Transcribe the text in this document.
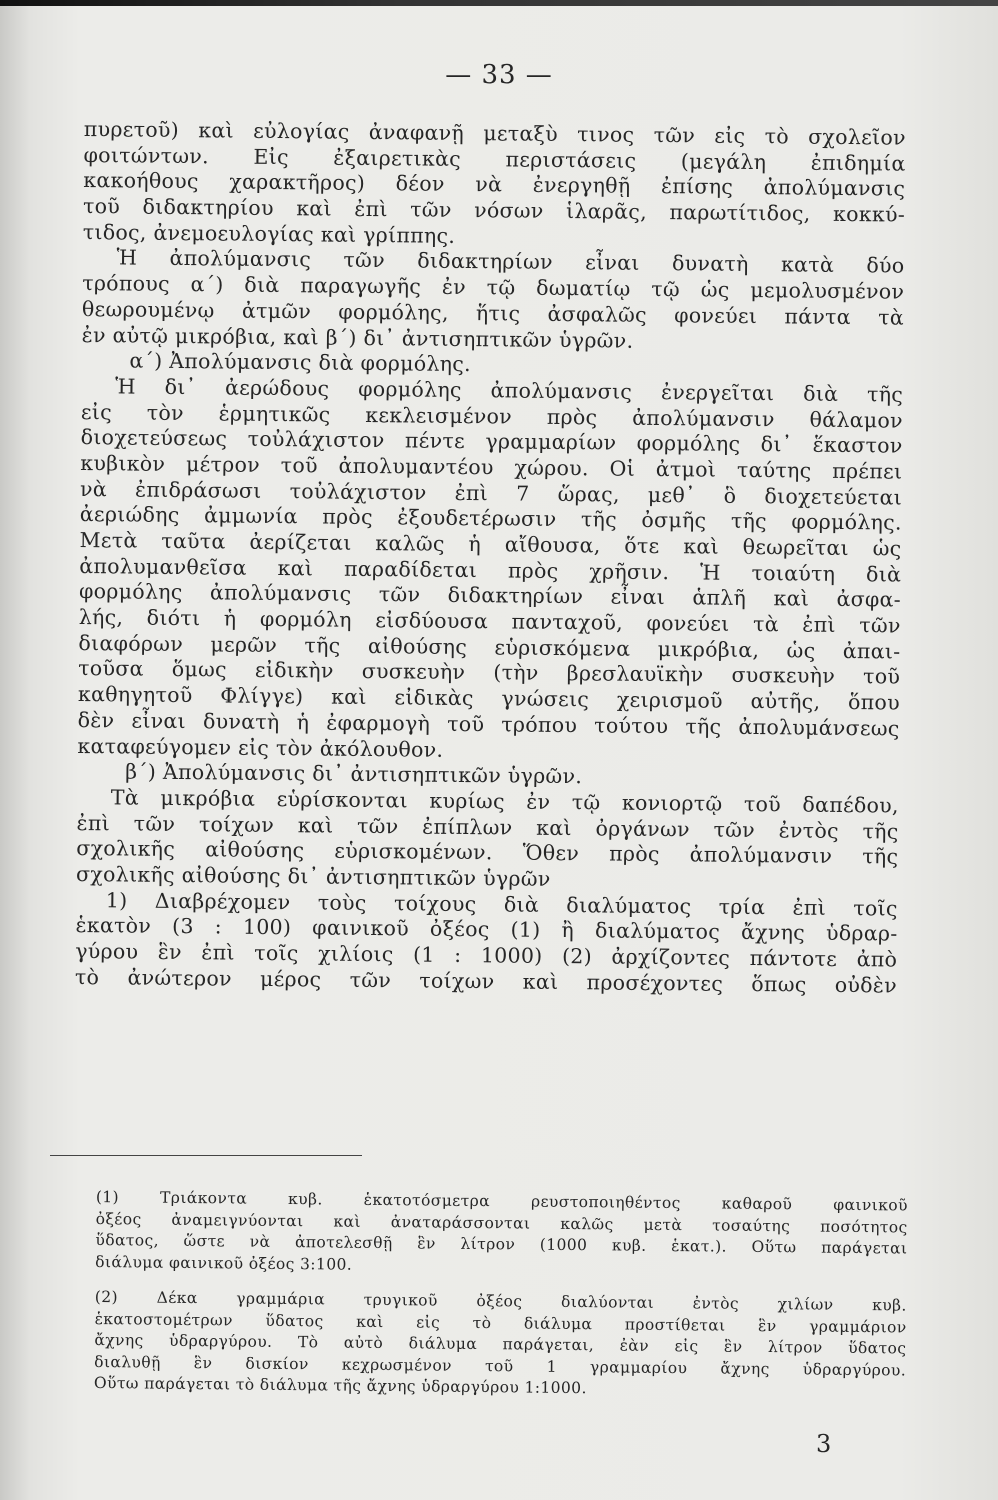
— 33 —
πυρετοῦ) καὶ εὐλογίας ἀναφανῇ μεταξὺ τινος τῶν εἰς τὸ σχολεῖον
φοιτώντων. Εἰς ἐξαιρετικὰς περιστάσεις (μεγάλη ἐπιδημία
κακοήθους χαρακτῆρος) δέον νὰ ἐνεργηθῇ ἐπίσης ἀπολύμανσις
τοῦ διδακτηρίου καὶ ἐπὶ τῶν νόσων ἱλαρᾶς, παρωτίτιδος, κοκκύ-
τιδος, ἀνεμοευλογίας καὶ γρίππης.
Ἡ ἀπολύμανσις τῶν διδακτηρίων εἶναι δυνατὴ κατὰ δύο
τρόπους α΄) διὰ παραγωγῆς ἐν τῷ δωματίῳ τῷ ὡς μεμολυσμένον
θεωρουμένῳ ἀτμῶν φορμόλης, ἥτις ἀσφαλῶς φονεύει πάντα τὰ
ἐν αὐτῷ μικρόβια, καὶ β΄) δι᾿ ἀντισηπτικῶν ὑγρῶν.
α΄) Ἀπολύμανσις διὰ φορμόλης.
Ἡ δι᾿ ἀερώδους φορμόλης ἀπολύμανσις ἐνεργεῖται διὰ τῆς
εἰς τὸν ἑρμητικῶς κεκλεισμένον πρὸς ἀπολύμανσιν θάλαμον
διοχετεύσεως τοὐλάχιστον πέντε γραμμαρίων φορμόλης δι᾿ ἕκαστον
κυβικὸν μέτρον τοῦ ἀπολυμαντέου χώρου. Οἱ ἀτμοὶ ταύτης πρέπει
νὰ ἐπιδράσωσι τοὐλάχιστον ἐπὶ 7 ὥρας, μεθ᾿ ὃ διοχετεύεται
ἀεριώδης ἀμμωνία πρὸς ἐξουδετέρωσιν τῆς ὀσμῆς τῆς φορμόλης.
Μετὰ ταῦτα ἀερίζεται καλῶς ἡ αἴθουσα, ὅτε καὶ θεωρεῖται ὡς
ἀπολυμανθεῖσα καὶ παραδίδεται πρὸς χρῆσιν. Ἡ τοιαύτη διὰ
φορμόλης ἀπολύμανσις τῶν διδακτηρίων εἶναι ἁπλῆ καὶ ἀσφα-
λής, διότι ἡ φορμόλη εἰσδύουσα πανταχοῦ, φονεύει τὰ ἐπὶ τῶν
διαφόρων μερῶν τῆς αἰθούσης εὑρισκόμενα μικρόβια, ὡς ἀπαι-
τοῦσα ὅμως εἰδικὴν συσκευὴν (τὴν βρεσλαυϊκὴν συσκευὴν τοῦ
καθηγητοῦ Φλίγγε) καὶ εἰδικὰς γνώσεις χειρισμοῦ αὐτῆς, ὅπου
δὲν εἶναι δυνατὴ ἡ ἐφαρμογὴ τοῦ τρόπου τούτου τῆς ἀπολυμάνσεως
καταφεύγομεν εἰς τὸν ἀκόλουθον.
β΄) Ἀπολύμανσις δι᾿ ἀντισηπτικῶν ὑγρῶν.
Τὰ μικρόβια εὑρίσκονται κυρίως ἐν τῷ κονιορτῷ τοῦ δαπέδου,
ἐπὶ τῶν τοίχων καὶ τῶν ἐπίπλων καὶ ὀργάνων τῶν ἐντὸς τῆς
σχολικῆς αἰθούσης εὑρισκομένων. Ὅθεν πρὸς ἀπολύμανσιν τῆς
σχολικῆς αἰθούσης δι᾿ ἀντισηπτικῶν ὑγρῶν
1) Διαβρέχομεν τοὺς τοίχους διὰ διαλύματος τρία ἐπὶ τοῖς
ἑκατὸν (3 : 100) φαινικοῦ ὀξέος (1) ἢ διαλύματος ἄχνης ὑδραρ-
γύρου ἓν ἐπὶ τοῖς χιλίοις (1 : 1000) (2) ἀρχίζοντες πάντοτε ἀπὸ
τὸ ἀνώτερον μέρος τῶν τοίχων καὶ προσέχοντες ὅπως οὐδὲν
(1) Τριάκοντα κυβ. ἑκατοτόσμετρα ρευστοποιηθέντος καθαροῦ φαινικοῦ
ὀξέος ἀναμειγνύονται καὶ ἀναταράσσονται καλῶς μετὰ τοσαύτης ποσότητος
ὕδατος, ὥστε νὰ ἀποτελεσθῇ ἓν λίτρον (1000 κυβ. ἑκατ.). Οὕτω παράγεται
διάλυμα φαινικοῦ ὀξέος 3:100.
(2) Δέκα γραμμάρια τρυγικοῦ ὀξέος διαλύονται ἐντὸς χιλίων κυβ.
ἑκατοστομέτρων ὕδατος καὶ εἰς τὸ διάλυμα προστίθεται ἓν γραμμάριον
ἄχνης ὑδραργύρου. Τὸ αὐτὸ διάλυμα παράγεται, ἐὰν εἰς ἓν λίτρον ὕδατος
διαλυθῇ ἓν δισκίον κεχρωσμένον τοῦ 1 γραμμαρίου ἄχνης ὑδραργύρου.
Οὕτω παράγεται τὸ διάλυμα τῆς ἄχνης ὑδραργύρου 1:1000.
3
